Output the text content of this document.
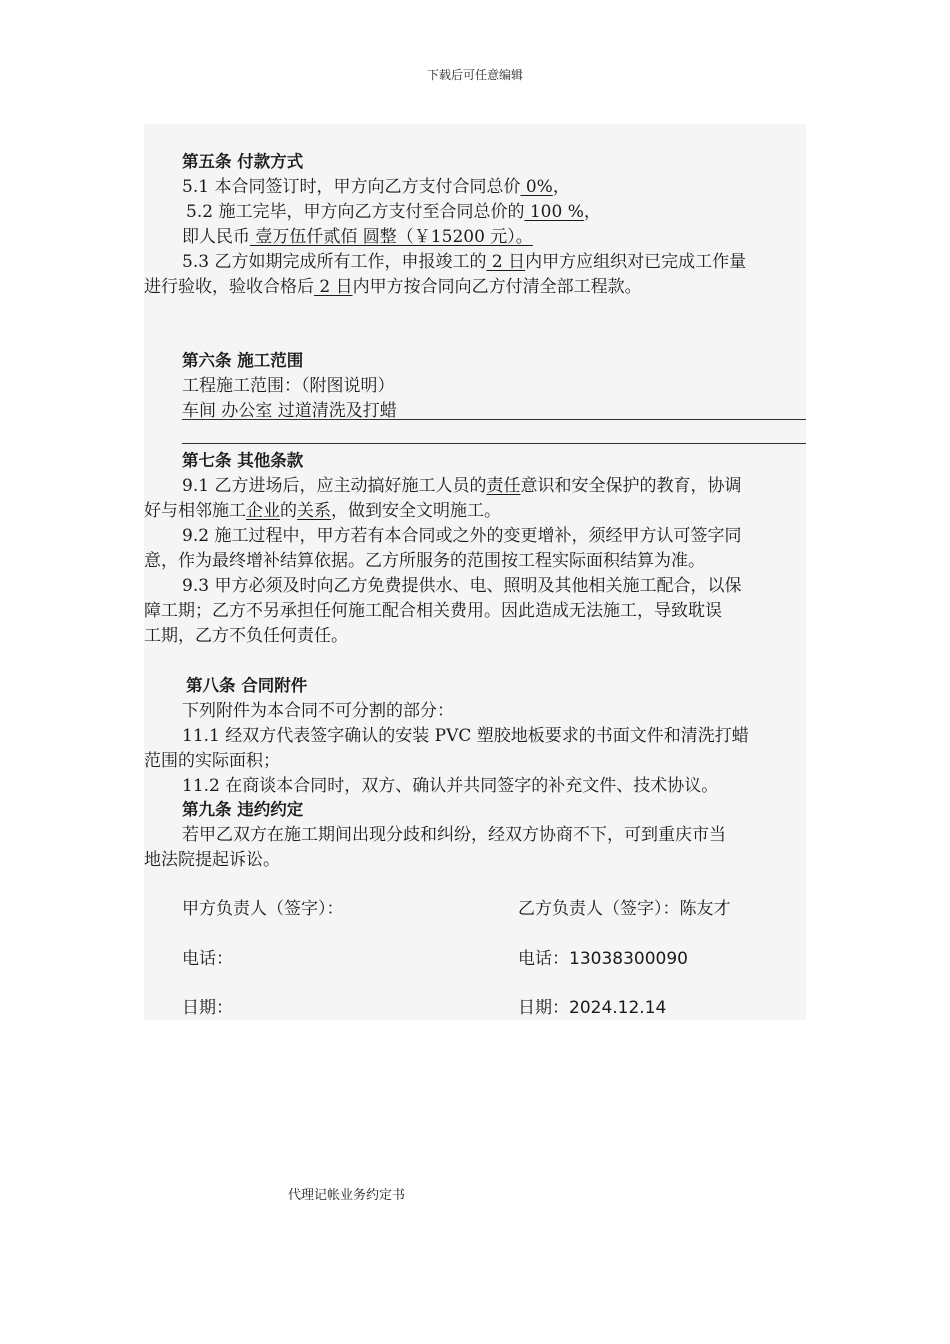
下载后可任意编辑
第五条 付款方式
5.1 本合同签订时，甲方向乙方支付合同总价 0%，
5.2 施工完毕，甲方向乙方支付至合同总价的 100 %，
即人民币 壹万伍仟贰佰 圆整（￥15200 元）。
5.3 乙方如期完成所有工作，申报竣工的 2 日内甲方应组织对已完成工作量
进行验收，验收合格后 2 日内甲方按合同向乙方付清全部工程款。
第六条 施工范围
工程施工范围：（附图说明）
车间 办公室 过道清洗及打蜡
第七条 其他条款
9.1 乙方进场后，应主动搞好施工人员的责任意识和安全保护的教育，协调
好与相邻施工企业的关系，做到安全文明施工。
9.2 施工过程中，甲方若有本合同或之外的变更增补，须经甲方认可签字同
意，作为最终增补结算依据。乙方所服务的范围按工程实际面积结算为准。
9.3 甲方必须及时向乙方免费提供水、电、照明及其他相关施工配合，以保
障工期；乙方不另承担任何施工配合相关费用。因此造成无法施工，导致耽误
工期，乙方不负任何责任。
第八条 合同附件
下列附件为本合同不可分割的部分：
11.1 经双方代表签字确认的安装 PVC 塑胶地板要求的书面文件和清洗打蜡
范围的实际面积；
11.2 在商谈本合同时，双方、确认并共同签字的补充文件、技术协议。
第九条 违约约定
若甲乙双方在施工期间出现分歧和纠纷，经双方协商不下，可到重庆市当
地法院提起诉讼。
甲方负责人（签字）：	乙方负责人（签字）：陈友才
电话：	电话：13038300090
日期：	日期：2024.12.14
代理记帐业务约定书
